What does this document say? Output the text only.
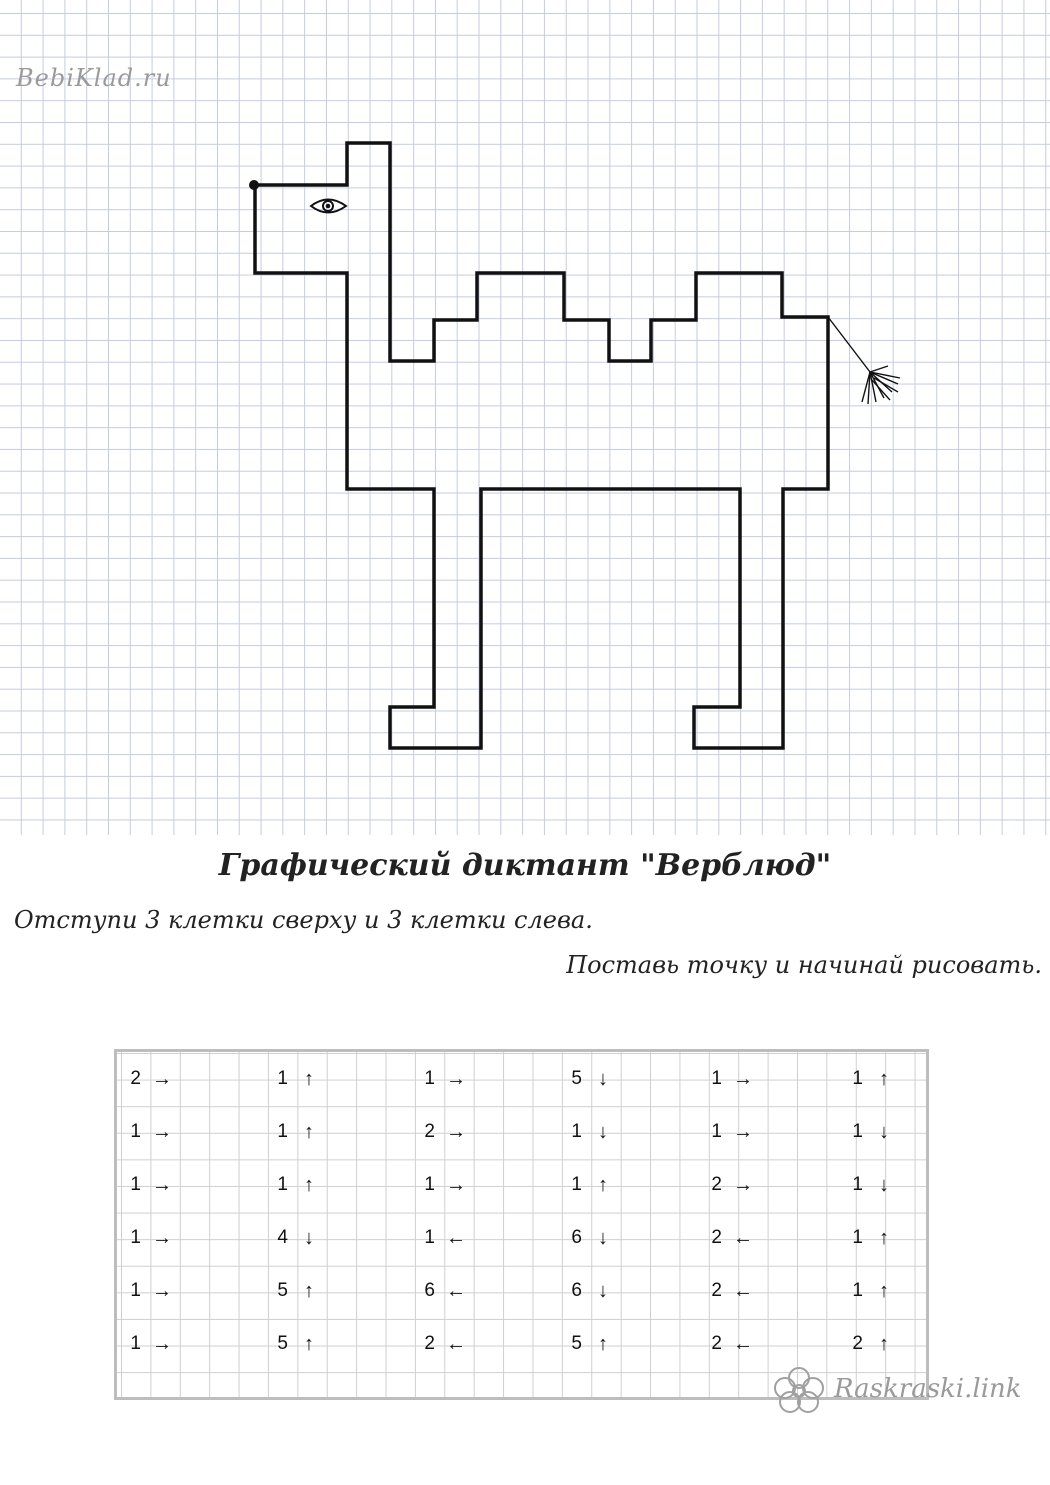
BebiKlad.ru
Графический диктант "Верблюд"
Отступи 3 клетки сверху и 3 клетки слева.
Поставь точку и начинай рисовать.
2 →
1 →
1 →
1 →
1 →
1 →
1 ↑
1 ↑
1 ↑
4 ↓
5 ↑
5 ↑
1 →
2 →
1 →
1 ←
6 ←
2 ←
5 ↓
1 ↓
1 ↑
6 ↓
6 ↓
5 ↑
1 →
1 →
2 →
2 ←
2 ←
2 ←
1 ↑
1 ↓
1 ↓
1 ↑
1 ↑
2 ↑
Raskraski.link
